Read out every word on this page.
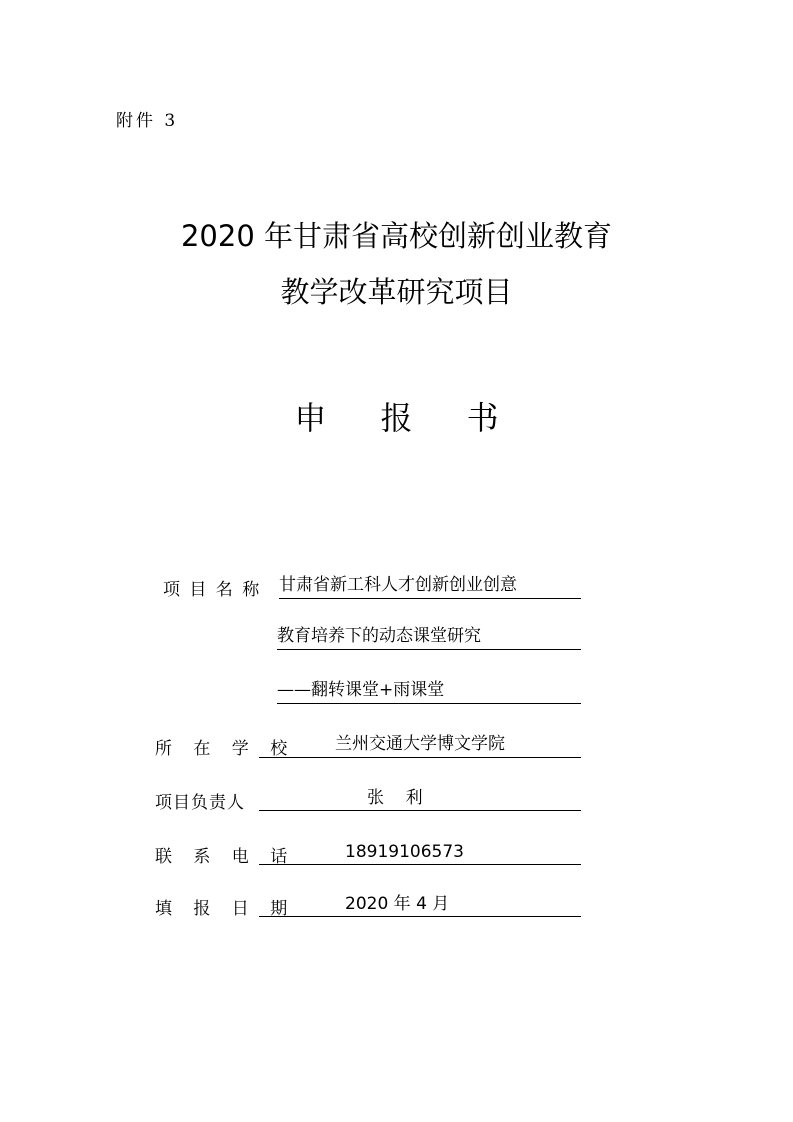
附件 3
2020 年甘肃省高校创新创业教育
教学改革研究项目
申 报 书
项 目 名 称 甘肃省新工科人才创新创业创意
教育培养下的动态课堂研究
——翻转课堂+雨课堂
所 在 学 校	兰州交通大学博文学院
项目负责人	张    利
联 系 电 话	18919106573
填 报 日 期	2020 年 4 月
